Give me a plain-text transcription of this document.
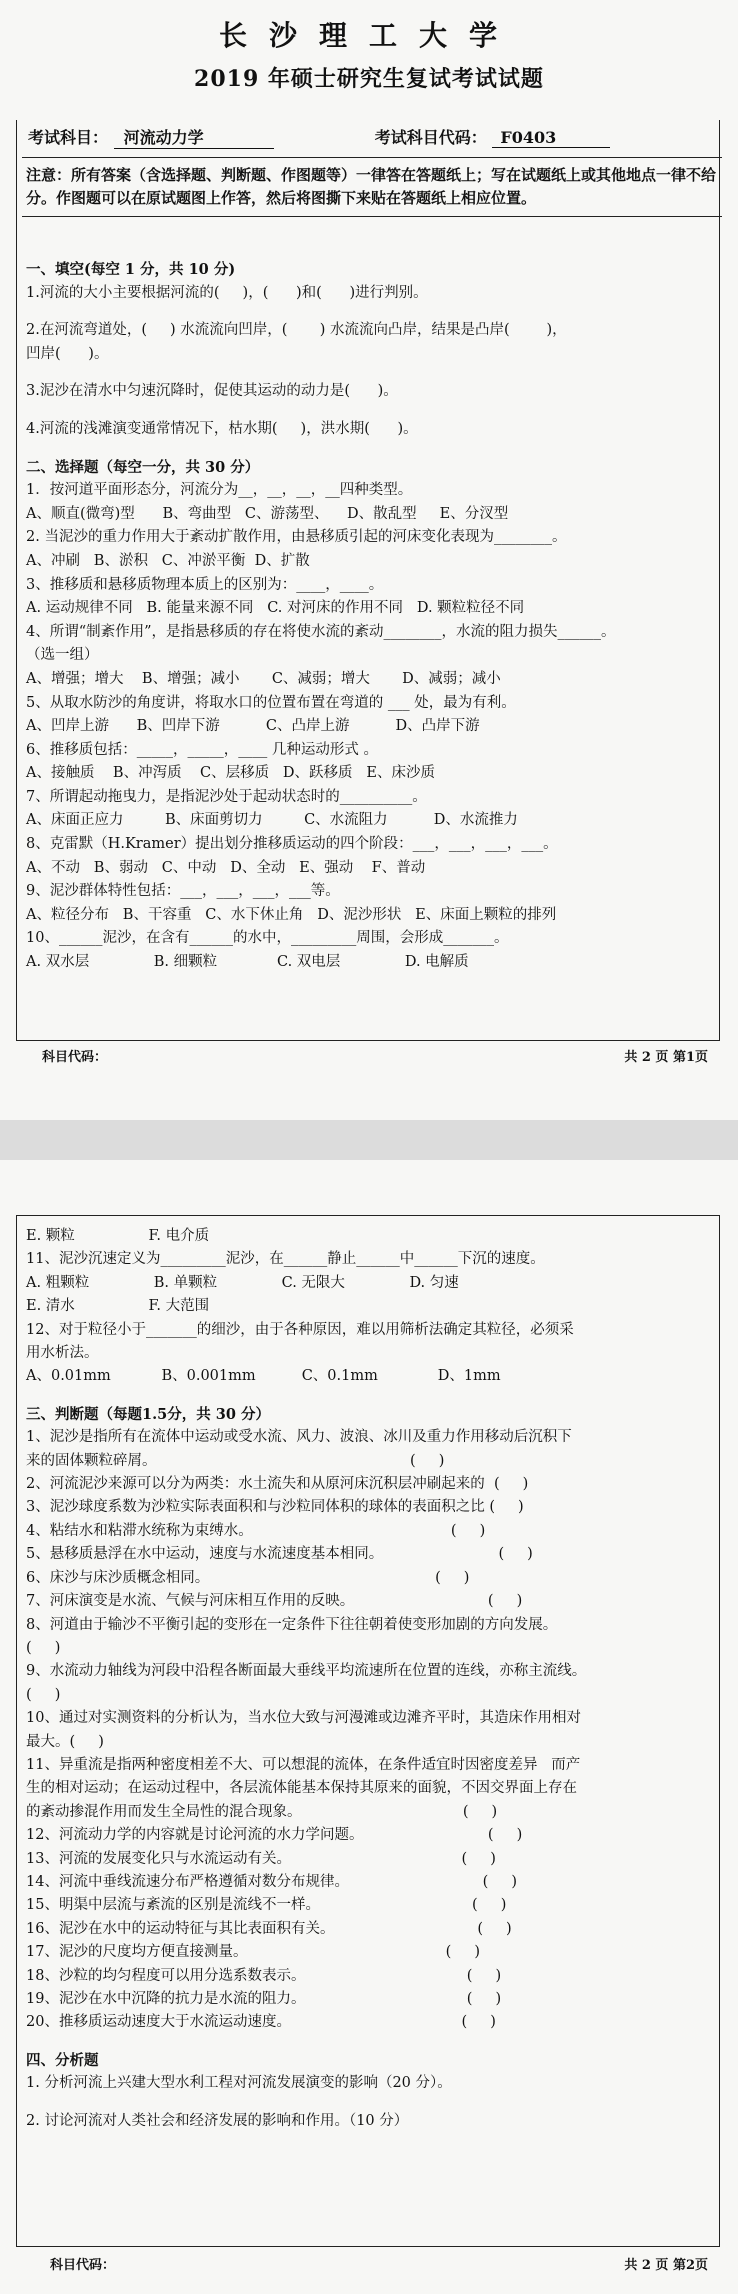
长沙理工大学
2019 年硕士研究生复试考试试题
考试科目： 河流动力学	考试科目代码： F0403
注意：所有答案（含选择题、判断题、作图题等）一律答在答题纸上；写在试题纸上或其他地点一律不给分。作图题可以在原试题图上作答，然后将图撕下来贴在答题纸上相应位置。
一、填空(每空 1 分，共 10 分)
1.河流的大小主要根据河流的(     )，(      )和(      )进行判别。
2.在河流弯道处，(     ) 水流流向凹岸，(       ) 水流流向凸岸，结果是凸岸(        )，
凹岸(      )。
3.泥沙在清水中匀速沉降时，促使其运动的动力是(      )。
4.河流的浅滩演变通常情况下，枯水期(     )，洪水期(      )。
二、选择题（每空一分，共 30 分）
1．按河道平面形态分，河流分为__，__，__，__四种类型。
A、顺直(微弯)型      B、弯曲型   C、游荡型、    D、散乱型     E、分汊型
2. 当泥沙的重力作用大于紊动扩散作用，由悬移质引起的河床变化表现为________。
A、冲刷   B、淤积   C、冲淤平衡  D、扩散
3、推移质和悬移质物理本质上的区别为：____，____。
A. 运动规律不同   B. 能量来源不同   C. 对河床的作用不同   D. 颗粒粒径不同
4、所谓“制紊作用”，是指悬移质的存在将使水流的紊动________，水流的阻力损失______。
（选一组）
A、增强；增大    B、增强；减小       C、减弱；增大       D、减弱；减小
5、从取水防沙的角度讲，将取水口的位置布置在弯道的 ___ 处，最为有利。
A、凹岸上游      B、凹岸下游          C、凸岸上游          D、凸岸下游
6、推移质包括：_____，_____，____ 几种运动形式 。
A、接触质    B、冲泻质    C、层移质   D、跃移质   E、床沙质
7、所谓起动拖曳力，是指泥沙处于起动状态时的__________。
A、床面正应力         B、床面剪切力         C、水流阻力          D、水流推力
8、克雷默（H.Kramer）提出划分推移质运动的四个阶段：___，___，___，___。
A、不动   B、弱动   C、中动   D、全动   E、强动    F、普动
9、泥沙群体特性包括：___，___，___，___等。
A、粒径分布   B、干容重   C、水下休止角   D、泥沙形状   E、床面上颗粒的排列
10、______泥沙，在含有______的水中，_________周围，会形成_______。
A. 双水层              B. 细颗粒             C. 双电层              D. 电解质
科目代码：	共 2 页 第1页
E. 颗粒                F. 电介质
11、泥沙沉速定义为_________泥沙，在______静止______中______下沉的速度。
A. 粗颗粒              B. 单颗粒              C. 无限大              D. 匀速
E. 清水                F. 大范围
12、对于粒径小于_______的细沙，由于各种原因，难以用筛析法确定其粒径，必须采
用水析法。
A、0.01mm           B、0.001mm          C、0.1mm             D、1mm
三、判断题（每题1.5分，共 30 分）
1、泥沙是指所有在流体中运动或受水流、风力、波浪、冰川及重力作用移动后沉积下
来的固体颗粒碎屑。                                                       (     )
2、河流泥沙来源可以分为两类：水土流失和从原河床沉积层冲刷起来的  (     )
3、泥沙球度系数为沙粒实际表面积和与沙粒同体积的球体的表面积之比 (     )
4、粘结水和粘滞水统称为束缚水。                                           (     )
5、悬移质悬浮在水中运动，速度与水流速度基本相同。                         (     )
6、床沙与床沙质概念相同。                                                 (     )
7、河床演变是水流、气候与河床相互作用的反映。                             (     )
8、河道由于输沙不平衡引起的变形在一定条件下往往朝着使变形加剧的方向发展。
(     )
9、水流动力轴线为河段中沿程各断面最大垂线平均流速所在位置的连线，亦称主流线。
(     )
10、通过对实测资料的分析认为，当水位大致与河漫滩或边滩齐平时，其造床作用相对
最大。(     )
11、异重流是指两种密度相差不大、可以想混的流体，在条件适宜时因密度差异   而产
生的相对运动；在运动过程中，各层流体能基本保持其原来的面貌，不因交界面上存在
的紊动掺混作用而发生全局性的混合现象。                                   (     )
12、河流动力学的内容就是讨论河流的水力学问题。                           (     )
13、河流的发展变化只与水流运动有关。                                     (     )
14、河流中垂线流速分布严格遵循对数分布规律。                             (     )
15、明渠中层流与紊流的区别是流线不一样。                                 (     )
16、泥沙在水中的运动特征与其比表面积有关。                               (     )
17、泥沙的尺度均方便直接测量。                                           (     )
18、沙粒的均匀程度可以用分选系数表示。                                   (     )
19、泥沙在水中沉降的抗力是水流的阻力。                                   (     )
20、推移质运动速度大于水流运动速度。                                     (     )
四、分析题
1. 分析河流上兴建大型水利工程对河流发展演变的影响（20 分）。
2. 讨论河流对人类社会和经济发展的影响和作用。（10 分）
科目代码：	共 2 页 第2页
